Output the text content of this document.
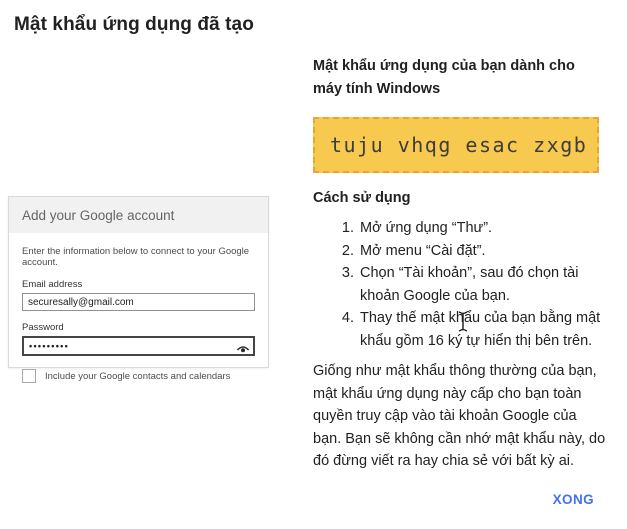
Mật khẩu ứng dụng đã tạo
Add your Google account
Enter the information below to connect to your Google account.
Email address
securesally@gmail.com
Password
•••••••••
Include your Google contacts and calendars
Mật khẩu ứng dụng của bạn dành cho máy tính Windows
tuju vhqg esac zxgb
Cách sử dụng
1. Mở ứng dụng “Thư”.
2. Mở menu “Cài đặt”.
3. Chọn “Tài khoản”, sau đó chọn tài khoản Google của bạn.
4. Thay thế mật khẩu của bạn bằng mật khẩu gồm 16 ký tự hiển thị bên trên.

Giống như mật khẩu thông thường của bạn, mật khẩu ứng dụng này cấp cho bạn toàn quyền truy cập vào tài khoản Google của bạn. Bạn sẽ không cần nhớ mật khẩu này, do đó đừng viết ra hay chia sẻ với bất kỳ ai.

XONG
